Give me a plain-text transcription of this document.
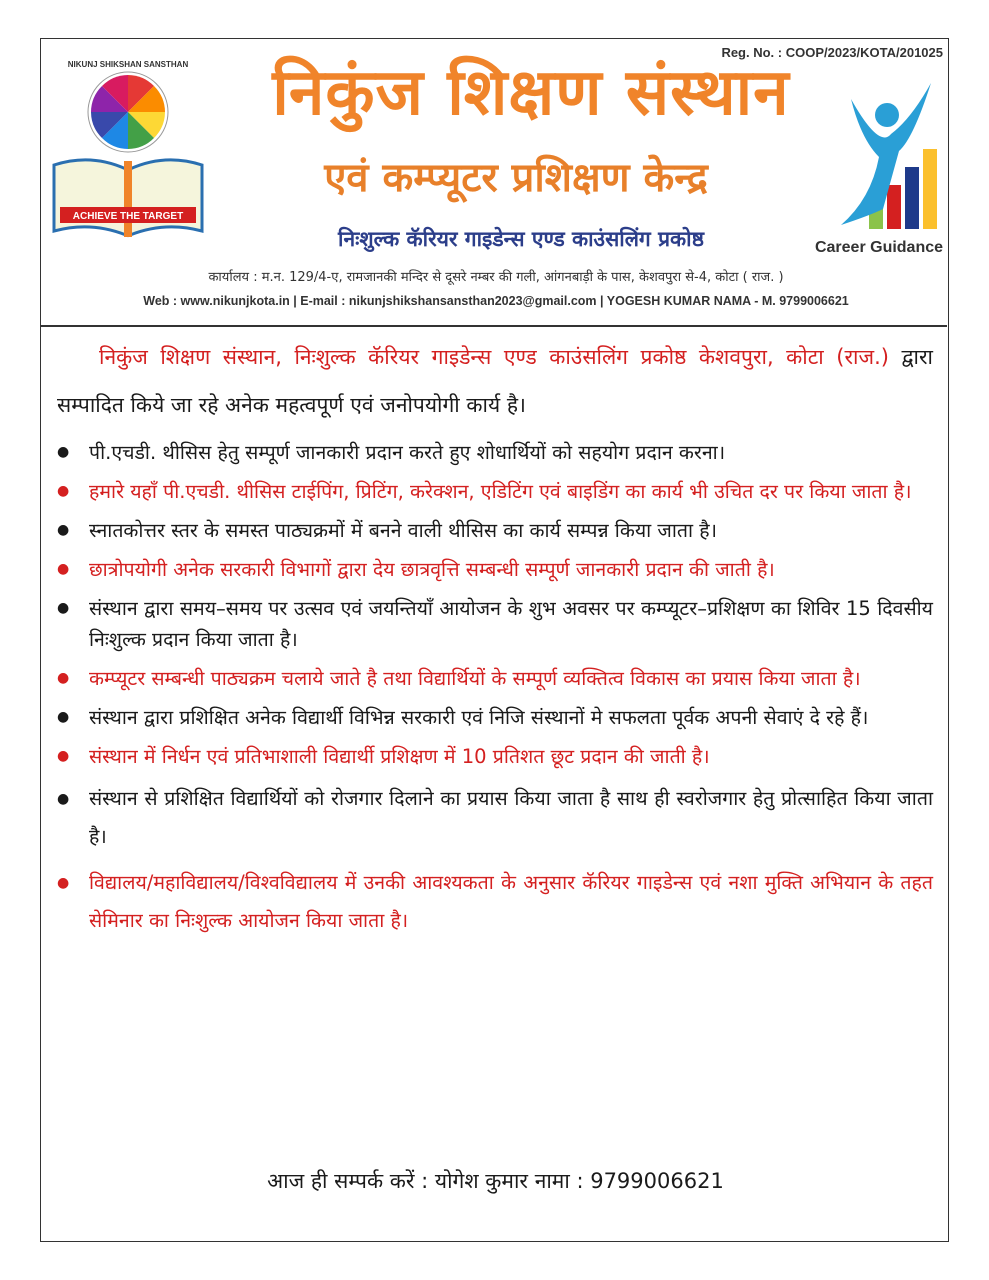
Reg. No. : COOP/2023/KOTA/201025
NIKUNJ SHIKSHAN SANSTHAN
ACHIEVE THE TARGET
निकुंज शिक्षण संस्थान
एवं कम्प्यूटर प्रशिक्षण केन्द्र
निःशुल्क कॅरियर गाइडेन्स एण्ड काउंसलिंग प्रकोष्ठ	Career Guidance
कार्यालय : म.न. 129/4-ए, रामजानकी मन्दिर से दूसरे नम्बर की गली, आंगनबाड़ी के पास, केशवपुरा से-4, कोटा ( राज. )
Web : www.nikunjkota.in | E-mail : nikunjshikshansansthan2023@gmail.com | YOGESH KUMAR NAMA - M. 9799006621

निकुंज शिक्षण संस्थान, निःशुल्क कॅरियर गाइडेन्स एण्ड काउंसलिंग प्रकोष्ठ केशवपुरा, कोटा (राज.) द्वारा सम्पादित किये जा रहे अनेक महत्वपूर्ण एवं जनोपयोगी कार्य है।

● पी.एचडी. थीसिस हेतु सम्पूर्ण जानकारी प्रदान करते हुए शोधार्थियों को सहयोग प्रदान करना।
● हमारे यहाँ पी.एचडी. थीसिस टाईपिंग, प्रिटिंग, करेक्शन, एडिटिंग एवं बाइडिंग का कार्य भी उचित दर पर किया जाता है।
● स्नातकोत्तर स्तर के समस्त पाठ्यक्रमों में बनने वाली थीसिस का कार्य सम्पन्न किया जाता है।
● छात्रोपयोगी अनेक सरकारी विभागों द्वारा देय छात्रवृत्ति सम्बन्धी सम्पूर्ण जानकारी प्रदान की जाती है।
● संस्थान द्वारा समय–समय पर उत्सव एवं जयन्तियाँ आयोजन के शुभ अवसर पर कम्प्यूटर–प्रशिक्षण का शिविर 15 दिवसीय निःशुल्क प्रदान किया जाता है।
● कम्प्यूटर सम्बन्धी पाठ्यक्रम चलाये जाते है तथा विद्यार्थियों के सम्पूर्ण व्यक्तित्व विकास का प्रयास किया जाता है।
● संस्थान द्वारा प्रशिक्षित अनेक विद्यार्थी विभिन्न सरकारी एवं निजि संस्थानों मे सफलता पूर्वक अपनी सेवाएं दे रहे हैं।
● संस्थान में निर्धन एवं प्रतिभाशाली विद्यार्थी प्रशिक्षण में 10 प्रतिशत छूट प्रदान की जाती है।
● संस्थान से प्रशिक्षित विद्यार्थियों को रोजगार दिलाने का प्रयास किया जाता है साथ ही स्वरोजगार हेतु प्रोत्साहित किया जाता है।
● विद्यालय/महाविद्यालय/विश्वविद्यालय में उनकी आवश्यकता के अनुसार कॅरियर गाइडेन्स एवं नशा मुक्ति अभियान के तहत सेमिनार का निःशुल्क आयोजन किया जाता है।
आज ही सम्पर्क करें : योगेश कुमार नामा : 9799006621
